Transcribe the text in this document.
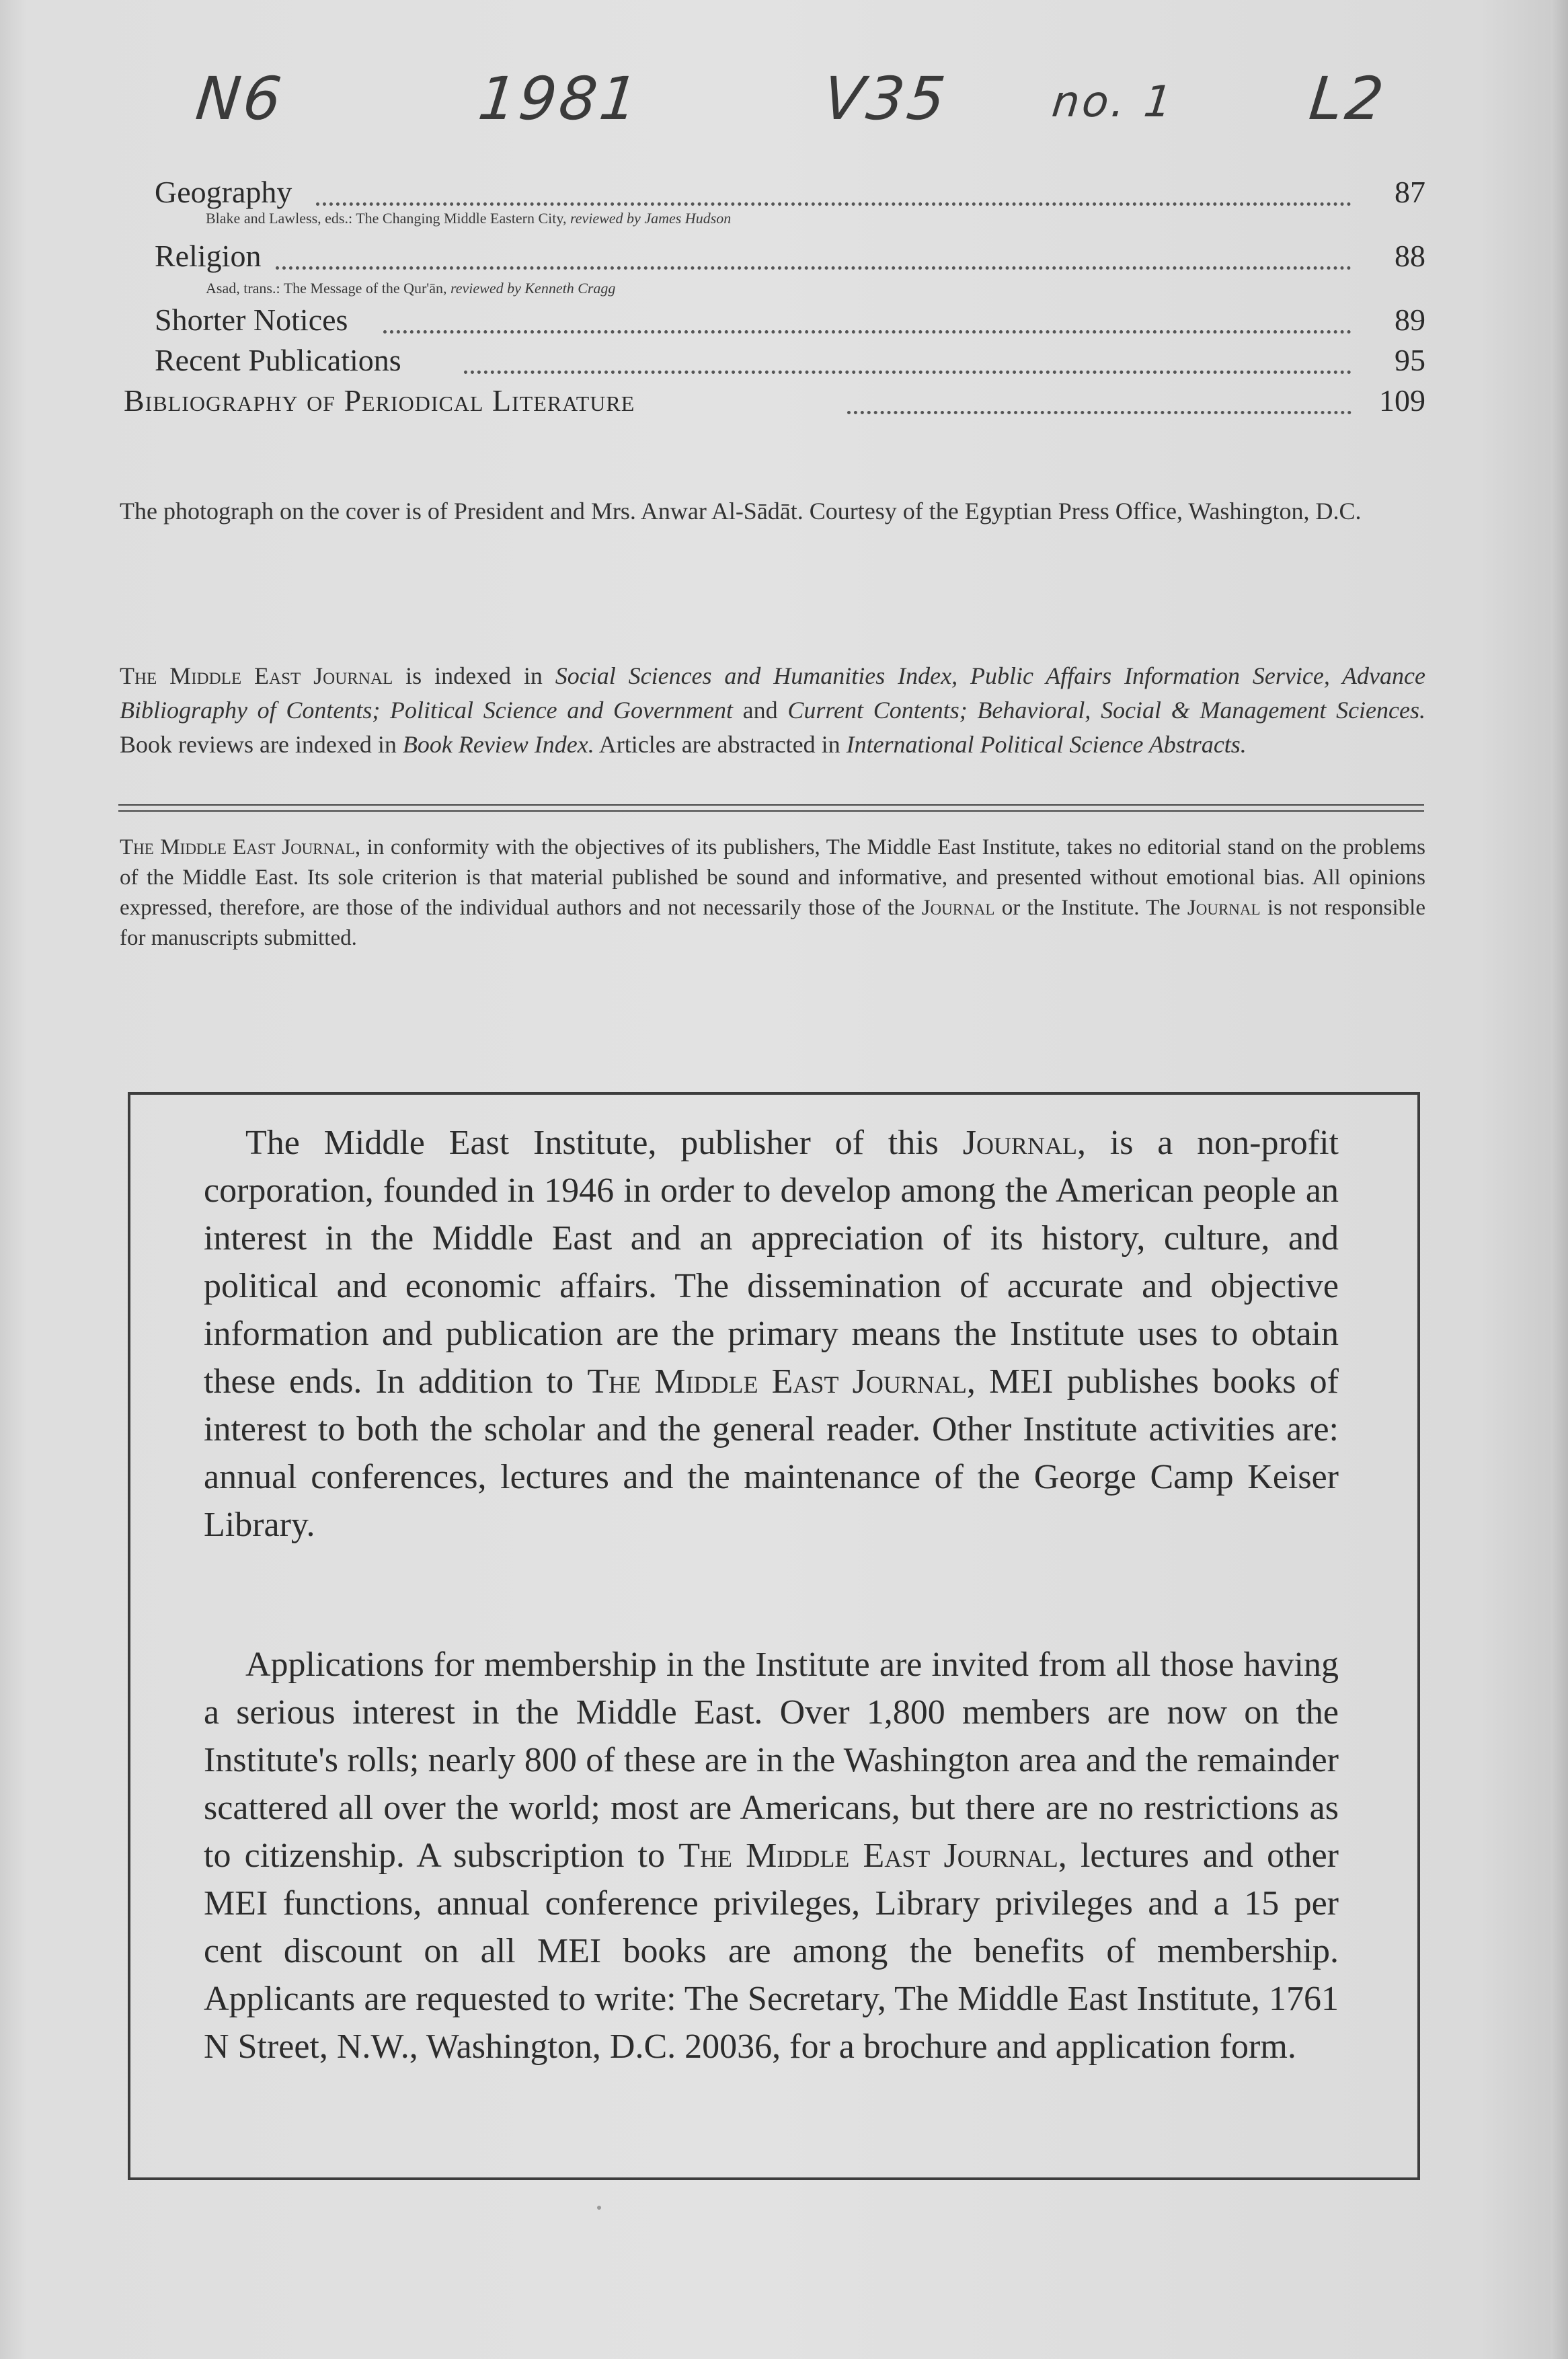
N6	1981	V35 no. 1 L2
Geography	87
Blake and Lawless, eds.: The Changing Middle Eastern City, reviewed by James Hudson
Religion	88
Asad, trans.: The Message of the Qur'ān, reviewed by Kenneth Cragg
Shorter Notices	89
Recent Publications	95
Bibliography of Periodical Literature	109

The photograph on the cover is of President and Mrs. Anwar Al-Sādāt. Courtesy of the Egyptian Press Office, Washington, D.C.

The Middle East Journal is indexed in Social Sciences and Humanities Index, Public Affairs Information Service, Advance Bibliography of Contents; Political Science and Government and Current Contents; Behavioral, Social & Management Sciences. Book reviews are indexed in Book Review Index. Articles are abstracted in International Political Science Abstracts.

The Middle East Journal, in conformity with the objectives of its publishers, The Middle East Institute, takes no editorial stand on the problems of the Middle East. Its sole criterion is that material published be sound and informative, and presented without emotional bias. All opinions expressed, therefore, are those of the individual authors and not necessarily those of the Journal or the Institute. The Journal is not responsible for manuscripts submitted.

The Middle East Institute, publisher of this Journal, is a non-profit corporation, founded in 1946 in order to develop among the American people an interest in the Middle East and an appreciation of its history, culture, and political and economic affairs. The dissemination of accurate and objective information and publication are the primary means the Institute uses to obtain these ends. In addition to The Middle East Journal, MEI publishes books of interest to both the scholar and the general reader. Other Institute activities are: annual conferences, lectures and the maintenance of the George Camp Keiser Library.

Applications for membership in the Institute are invited from all those having a serious interest in the Middle East. Over 1,800 members are now on the Institute's rolls; nearly 800 of these are in the Washington area and the remainder scattered all over the world; most are Americans, but there are no restrictions as to citizenship. A subscription to The Middle East Journal, lectures and other MEI functions, annual conference privileges, Library privileges and a 15 per cent discount on all MEI books are among the benefits of membership. Applicants are requested to write: The Secretary, The Middle East Institute, 1761 N Street, N.W., Washington, D.C. 20036, for a brochure and application form.
